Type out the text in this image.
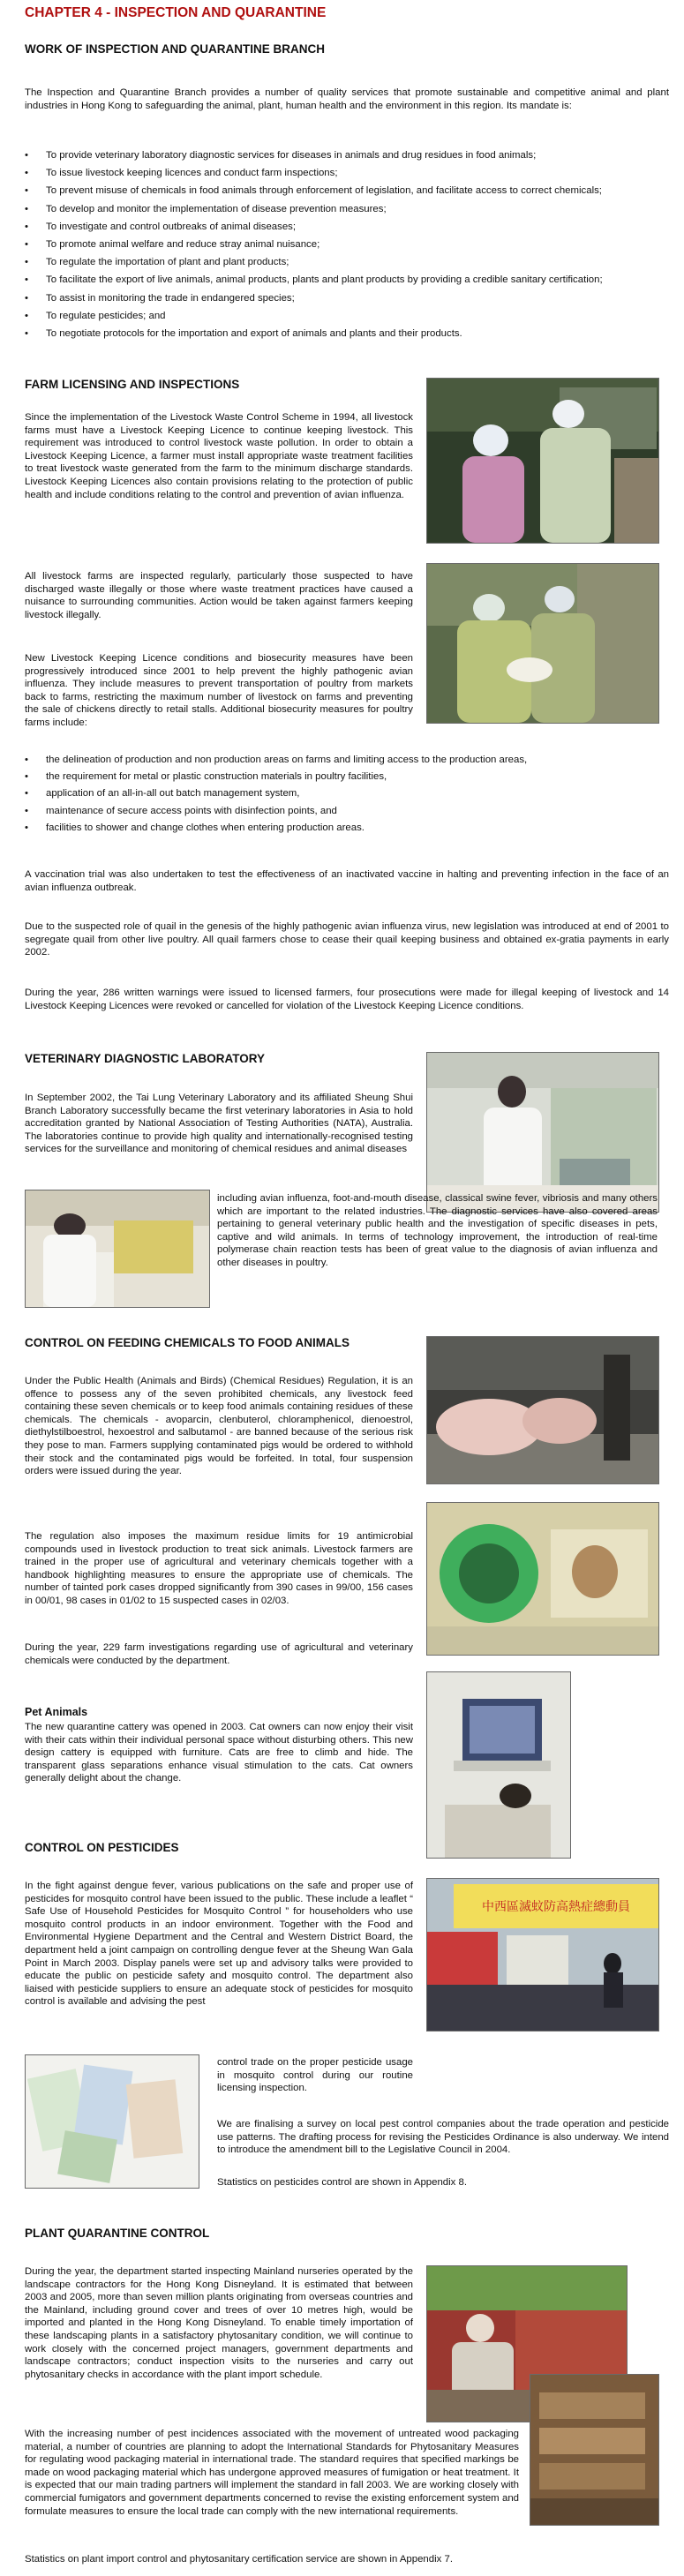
CHAPTER 4 - INSPECTION AND QUARANTINE
WORK OF INSPECTION AND QUARANTINE BRANCH

The Inspection and Quarantine Branch provides a number of quality services that promote sustainable and competitive animal and plant industries in Hong Kong to safeguarding the animal, plant, human health and the environment in this region. Its mandate is:

• To provide veterinary laboratory diagnostic services for diseases in animals and drug residues in food animals;
• To issue livestock keeping licences and conduct farm inspections;
• To prevent misuse of chemicals in food animals through enforcement of legislation, and facilitate access to correct chemicals;
• To develop and monitor the implementation of disease prevention measures;
• To investigate and control outbreaks of animal diseases;
• To promote animal welfare and reduce stray animal nuisance;
• To regulate the importation of plant and plant products;
• To facilitate the export of live animals, animal products, plants and plant products by providing a credible sanitary certification;
• To assist in monitoring the trade in endangered species;
• To regulate pesticides; and
• To negotiate protocols for the importation and export of animals and plants and their products.
FARM LICENSING AND INSPECTIONS

Since the implementation of the Livestock Waste Control Scheme in 1994, all livestock farms must have a Livestock Keeping Licence to continue keeping livestock. This requirement was introduced to control livestock waste pollution. In order to obtain a Livestock Keeping Licence, a farmer must install appropriate waste treatment facilities to treat livestock waste generated from the farm to the minimum discharge standards. Livestock Keeping Licences also contain provisions relating to the protection of public health and include conditions relating to the control and prevention of avian influenza.

All livestock farms are inspected regularly, particularly those suspected to have discharged waste illegally or those where waste treatment practices have caused a nuisance to surrounding communities. Action would be taken against farmers keeping livestock illegally.

New Livestock Keeping Licence conditions and biosecurity measures have been progressively introduced since 2001 to help prevent the highly pathogenic avian influenza. They include measures to prevent transportation of poultry from markets back to farms, restricting the maximum number of livestock on farms and preventing the sale of chickens directly to retail stalls. Additional biosecurity measures for poultry farms include:

• the delineation of production and non production areas on farms and limiting access to the production areas,
• the requirement for metal or plastic construction materials in poultry facilities,
• application of an all-in-all out batch management system,
• maintenance of secure access points with disinfection points, and
• facilities to shower and change clothes when entering production areas.

A vaccination trial was also undertaken to test the effectiveness of an inactivated vaccine in halting and preventing infection in the face of an avian influenza outbreak.

Due to the suspected role of quail in the genesis of the highly pathogenic avian influenza virus, new legislation was introduced at end of 2001 to segregate quail from other live poultry. All quail farmers chose to cease their quail keeping business and obtained ex-gratia payments in early 2002.

During the year, 286 written warnings were issued to licensed farmers, four prosecutions were made for illegal keeping of livestock and 14 Livestock Keeping Licences were revoked or cancelled for violation of the Livestock Keeping Licence conditions.

VETERINARY DIAGNOSTIC LABORATORY

In September 2002, the Tai Lung Veterinary Laboratory and its affiliated Sheung Shui Branch Laboratory successfully became the first veterinary laboratories in Asia to hold accreditation granted by National Association of Testing Authorities (NATA), Australia. The laboratories continue to provide high quality and internationally-recognised testing services for the surveillance and monitoring of chemical residues and animal diseases

including avian influenza, foot-and-mouth disease, classical swine fever, vibriosis and many others which are important to the related industries. The diagnostic services have also covered areas pertaining to general veterinary public health and the investigation of specific diseases in pets, captive and wild animals. In terms of technology improvement, the introduction of real-time polymerase chain reaction tests has been of great value to the diagnosis of avian influenza and other diseases in poultry.

CONTROL ON FEEDING CHEMICALS TO FOOD ANIMALS

Under the Public Health (Animals and Birds) (Chemical Residues) Regulation, it is an offence to possess any of the seven prohibited chemicals, any livestock feed containing these seven chemicals or to keep food animals containing residues of these chemicals. The chemicals - avoparcin, clenbuterol, chloramphenicol, dienoestrol, diethylstilboestrol, hexoestrol and salbutamol - are banned because of the serious risk they pose to man. Farmers supplying contaminated pigs would be ordered to withhold their stock and the contaminated pigs would be forfeited. In total, four suspension orders were issued during the year.

The regulation also imposes the maximum residue limits for 19 antimicrobial compounds used in livestock production to treat sick animals. Livestock farmers are trained in the proper use of agricultural and veterinary chemicals together with a handbook highlighting measures to ensure the appropriate use of chemicals. The number of tainted pork cases dropped significantly from 390 cases in 99/00, 156 cases in 00/01, 98 cases in 01/02 to 15 suspected cases in 02/03.

During the year, 229 farm investigations regarding use of agricultural and veterinary chemicals were conducted by the department.

Pet Animals

The new quarantine cattery was opened in 2003. Cat owners can now enjoy their visit with their cats within their individual personal space without disturbing others. This new design cattery is equipped with furniture. Cats are free to climb and hide. The transparent glass separations enhance visual stimulation to the cats. Cat owners generally delight about the change.

CONTROL ON PESTICIDES
中西區滅蚊防高熱症總動員

In the fight against dengue fever, various publications on the safe and proper use of pesticides for mosquito control have been issued to the public. These include a leaflet “ Safe Use of Household Pesticides for Mosquito Control ” for householders who use mosquito control products in an indoor environment. Together with the Food and Environmental Hygiene Department and the Central and Western District Board, the department held a joint campaign on controlling dengue fever at the Sheung Wan Gala Point in March 2003. Display panels were set up and advisory talks were provided to educate the public on pesticide safety and mosquito control. The department also liaised with pesticide suppliers to ensure an adequate stock of pesticides for mosquito control is available and advising the pest

control trade on the proper pesticide usage in mosquito control during our routine licensing inspection.

We are finalising a survey on local pest control companies about the trade operation and pesticide use patterns. The drafting process for revising the Pesticides Ordinance is also underway. We intend to introduce the amendment bill to the Legislative Council in 2004.

Statistics on pesticides control are shown in Appendix 8.

PLANT QUARANTINE CONTROL

During the year, the department started inspecting Mainland nurseries operated by the landscape contractors for the Hong Kong Disneyland. It is estimated that between 2003 and 2005, more than seven million plants originating from overseas countries and the Mainland, including ground cover and trees of over 10 metres high, would be imported and planted in the Hong Kong Disneyland. To enable timely importation of these landscaping plants in a satisfactory phytosanitary condition, we will continue to work closely with the concerned project managers, government departments and landscape contractors; conduct inspection visits to the nurseries and carry out phytosanitary checks in accordance with the plant import schedule.

With the increasing number of pest incidences associated with the movement of untreated wood packaging material, a number of countries are planning to adopt the International Standards for Phytosanitary Measures for regulating wood packaging material in international trade. The standard requires that specified markings be made on wood packaging material which has undergone approved measures of fumigation or heat treatment. It is expected that our main trading partners will implement the standard in fall 2003. We are working closely with commercial fumigators and government departments concerned to revise the existing enforcement system and formulate measures to ensure the local trade can comply with the new international requirements.

Statistics on plant import control and phytosanitary certification service are shown in Appendix 7.
